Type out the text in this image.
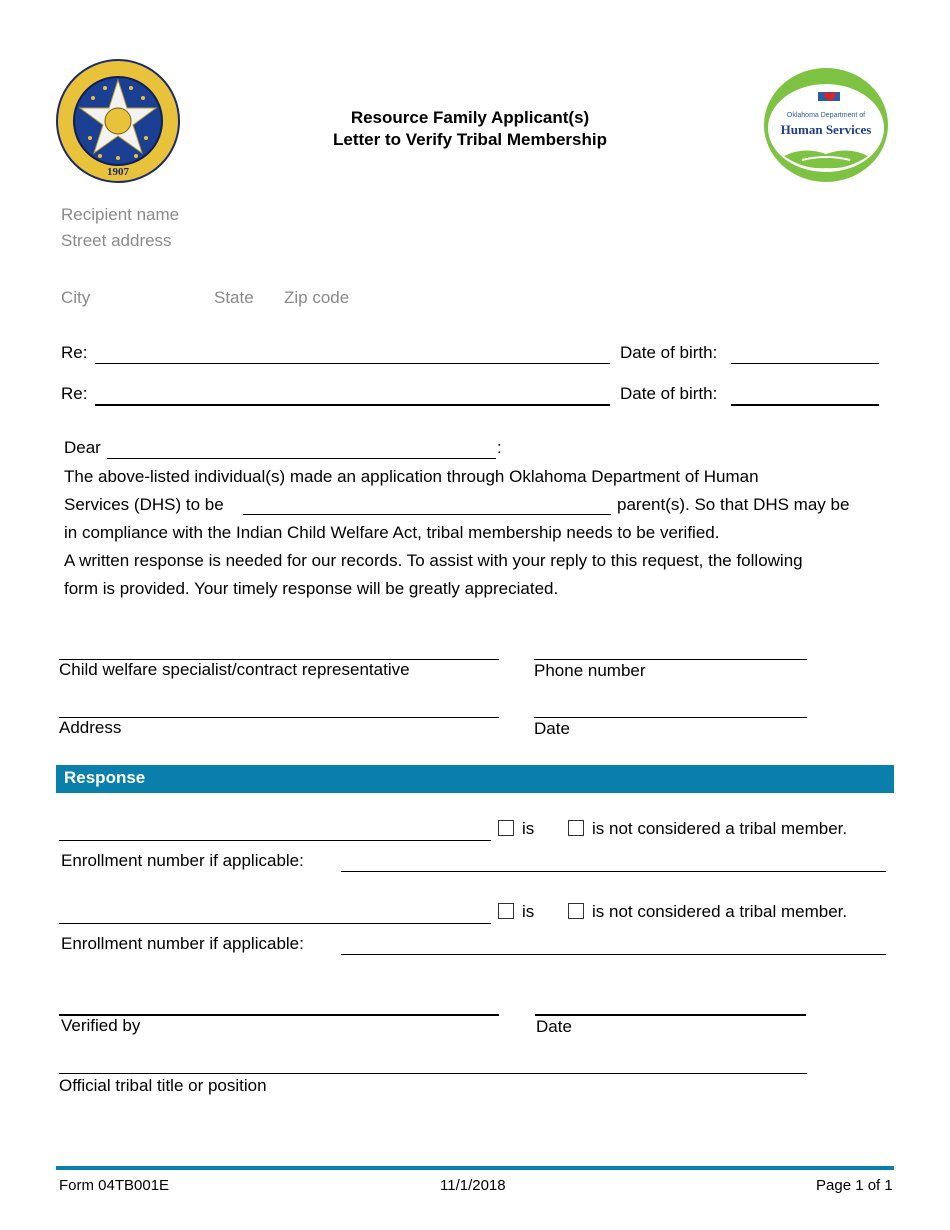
1907
Resource Family Applicant(s)
Letter to Verify Tribal Membership
Oklahoma Department of
Human Services
Recipient name
Street address
City	State Zip code
Re:	Date of birth:
Re:	Date of birth:
Dear	:
The above-listed individual(s) made an application through Oklahoma Department of Human
Services (DHS) to be	parent(s). So that DHS may be
in compliance with the Indian Child Welfare Act, tribal membership needs to be verified.
A written response is needed for our records. To assist with your reply to this request, the following
form is provided. Your timely response will be greatly appreciated.
Child welfare specialist/contract representative	Phone number
Address	Date
Response
is	is not considered a tribal member.
Enrollment number if applicable:
is	is not considered a tribal member.
Enrollment number if applicable:
Verified by	Date
Official tribal title or position
Form 04TB001E	11/1/2018	Page 1 of 1
